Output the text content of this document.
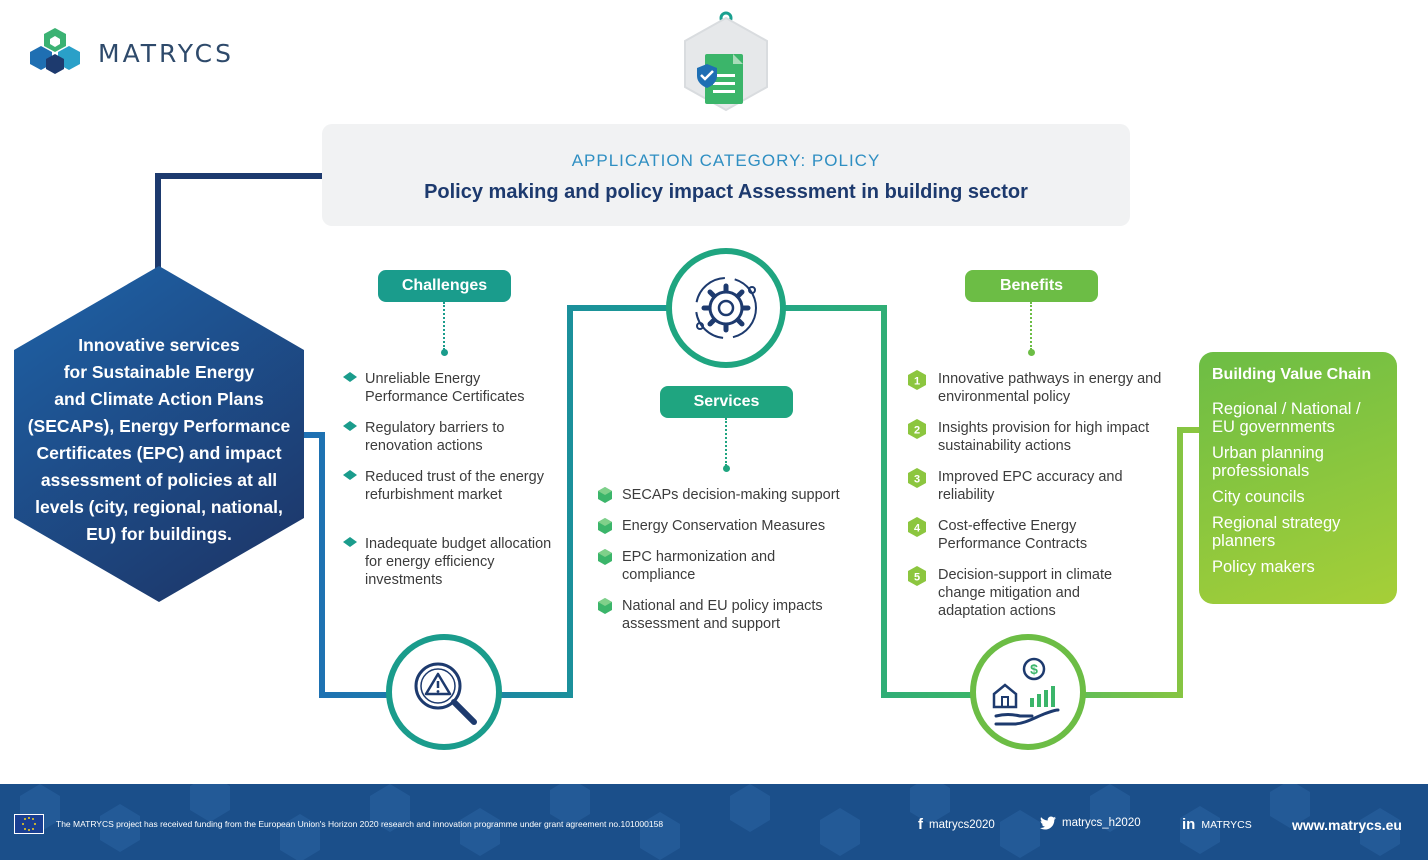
MATRYCS
APPLICATION CATEGORY: POLICY
Policy making and policy impact Assessment in building sector
Innovative services
for Sustainable Energy
and Climate Action Plans
(SECAPs), Energy Performance
Certificates (EPC) and impact
assessment of policies at all
levels (city, regional, national,
EU) for buildings.
Challenges
Unreliable Energy Performance Certificates
Regulatory barriers to renovation actions
Reduced trust of the energy refurbishment market
Inadequate budget allocation for energy efficiency investments
Services
SECAPs decision-making support
Energy Conservation Measures
EPC harmonization and compliance
National and EU policy impacts assessment and support
Benefits
1 Innovative pathways in energy and environmental policy
2 Insights provision for high impact sustainability actions
3 Improved EPC accuracy and reliability
4 Cost-effective Energy Performance Contracts
5 Decision-support in climate change mitigation and adaptation actions
$
Building Value Chain
Regional / National / EU governments
Urban planning professionals
City councils
Regional strategy planners
Policy makers
The MATRYCS project has received funding from the European Union's Horizon 2020 research and innovation programme under grant agreement no.101000158	f matrycs2020	matrycs_h2020	in MATRYCS	www.matrycs.eu
